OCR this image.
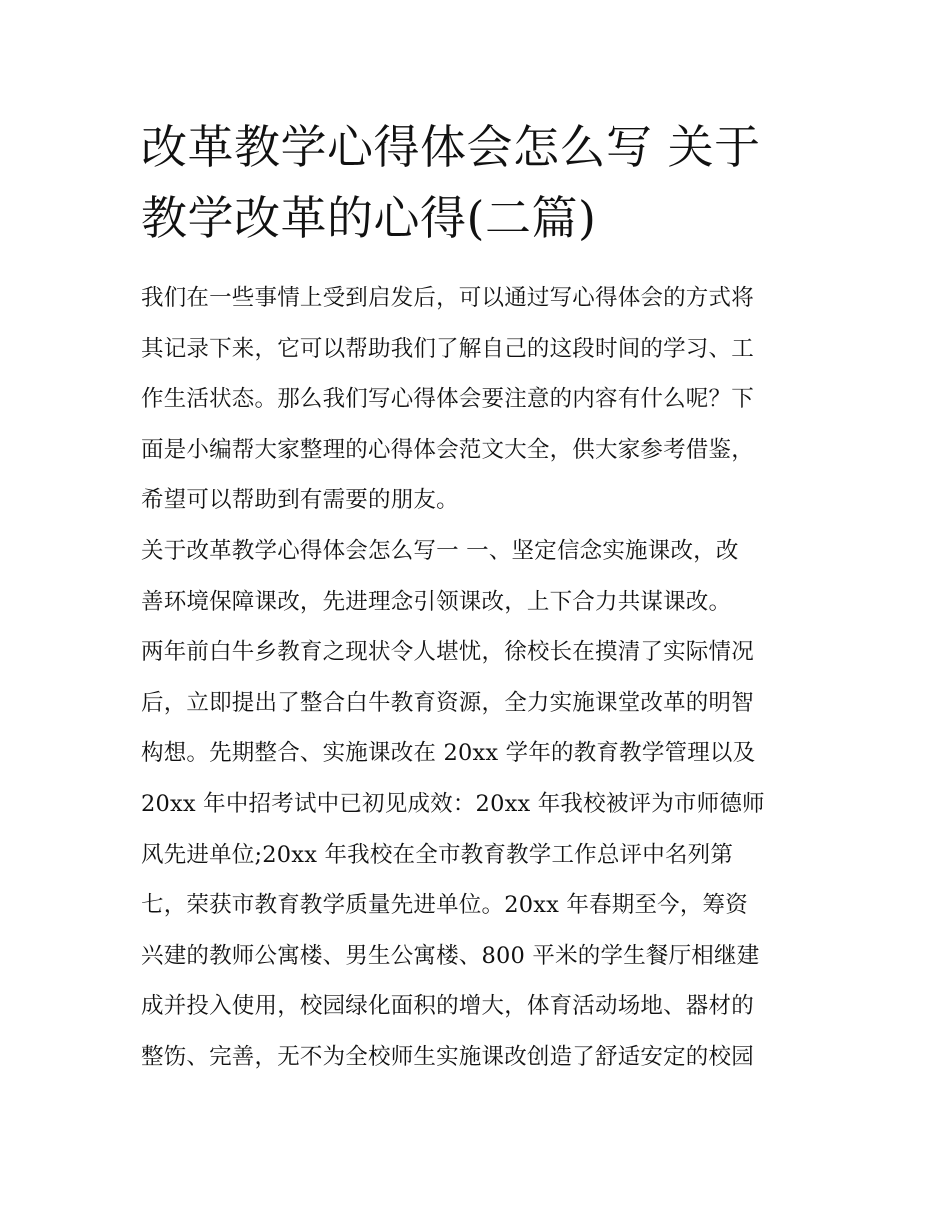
改革教学心得体会怎么写 关于
教学改革的心得(二篇)
我们在一些事情上受到启发后，可以通过写心得体会的方式将
其记录下来，它可以帮助我们了解自己的这段时间的学习、工
作生活状态。那么我们写心得体会要注意的内容有什么呢？下
面是小编帮大家整理的心得体会范文大全，供大家参考借鉴，
希望可以帮助到有需要的朋友。
关于改革教学心得体会怎么写一 一、坚定信念实施课改，改
善环境保障课改，先进理念引领课改，上下合力共谋课改。
两年前白牛乡教育之现状令人堪忧，徐校长在摸清了实际情况
后，立即提出了整合白牛教育资源，全力实施课堂改革的明智
构想。先期整合、实施课改在 20xx 学年的教育教学管理以及
20xx 年中招考试中已初见成效：20xx 年我校被评为市师德师
风先进单位;20xx 年我校在全市教育教学工作总评中名列第
七，荣获市教育教学质量先进单位。20xx 年春期至今，筹资
兴建的教师公寓楼、男生公寓楼、800 平米的学生餐厅相继建
成并投入使用，校园绿化面积的增大，体育活动场地、器材的
整饬、完善，无不为全校师生实施课改创造了舒适安定的校园
